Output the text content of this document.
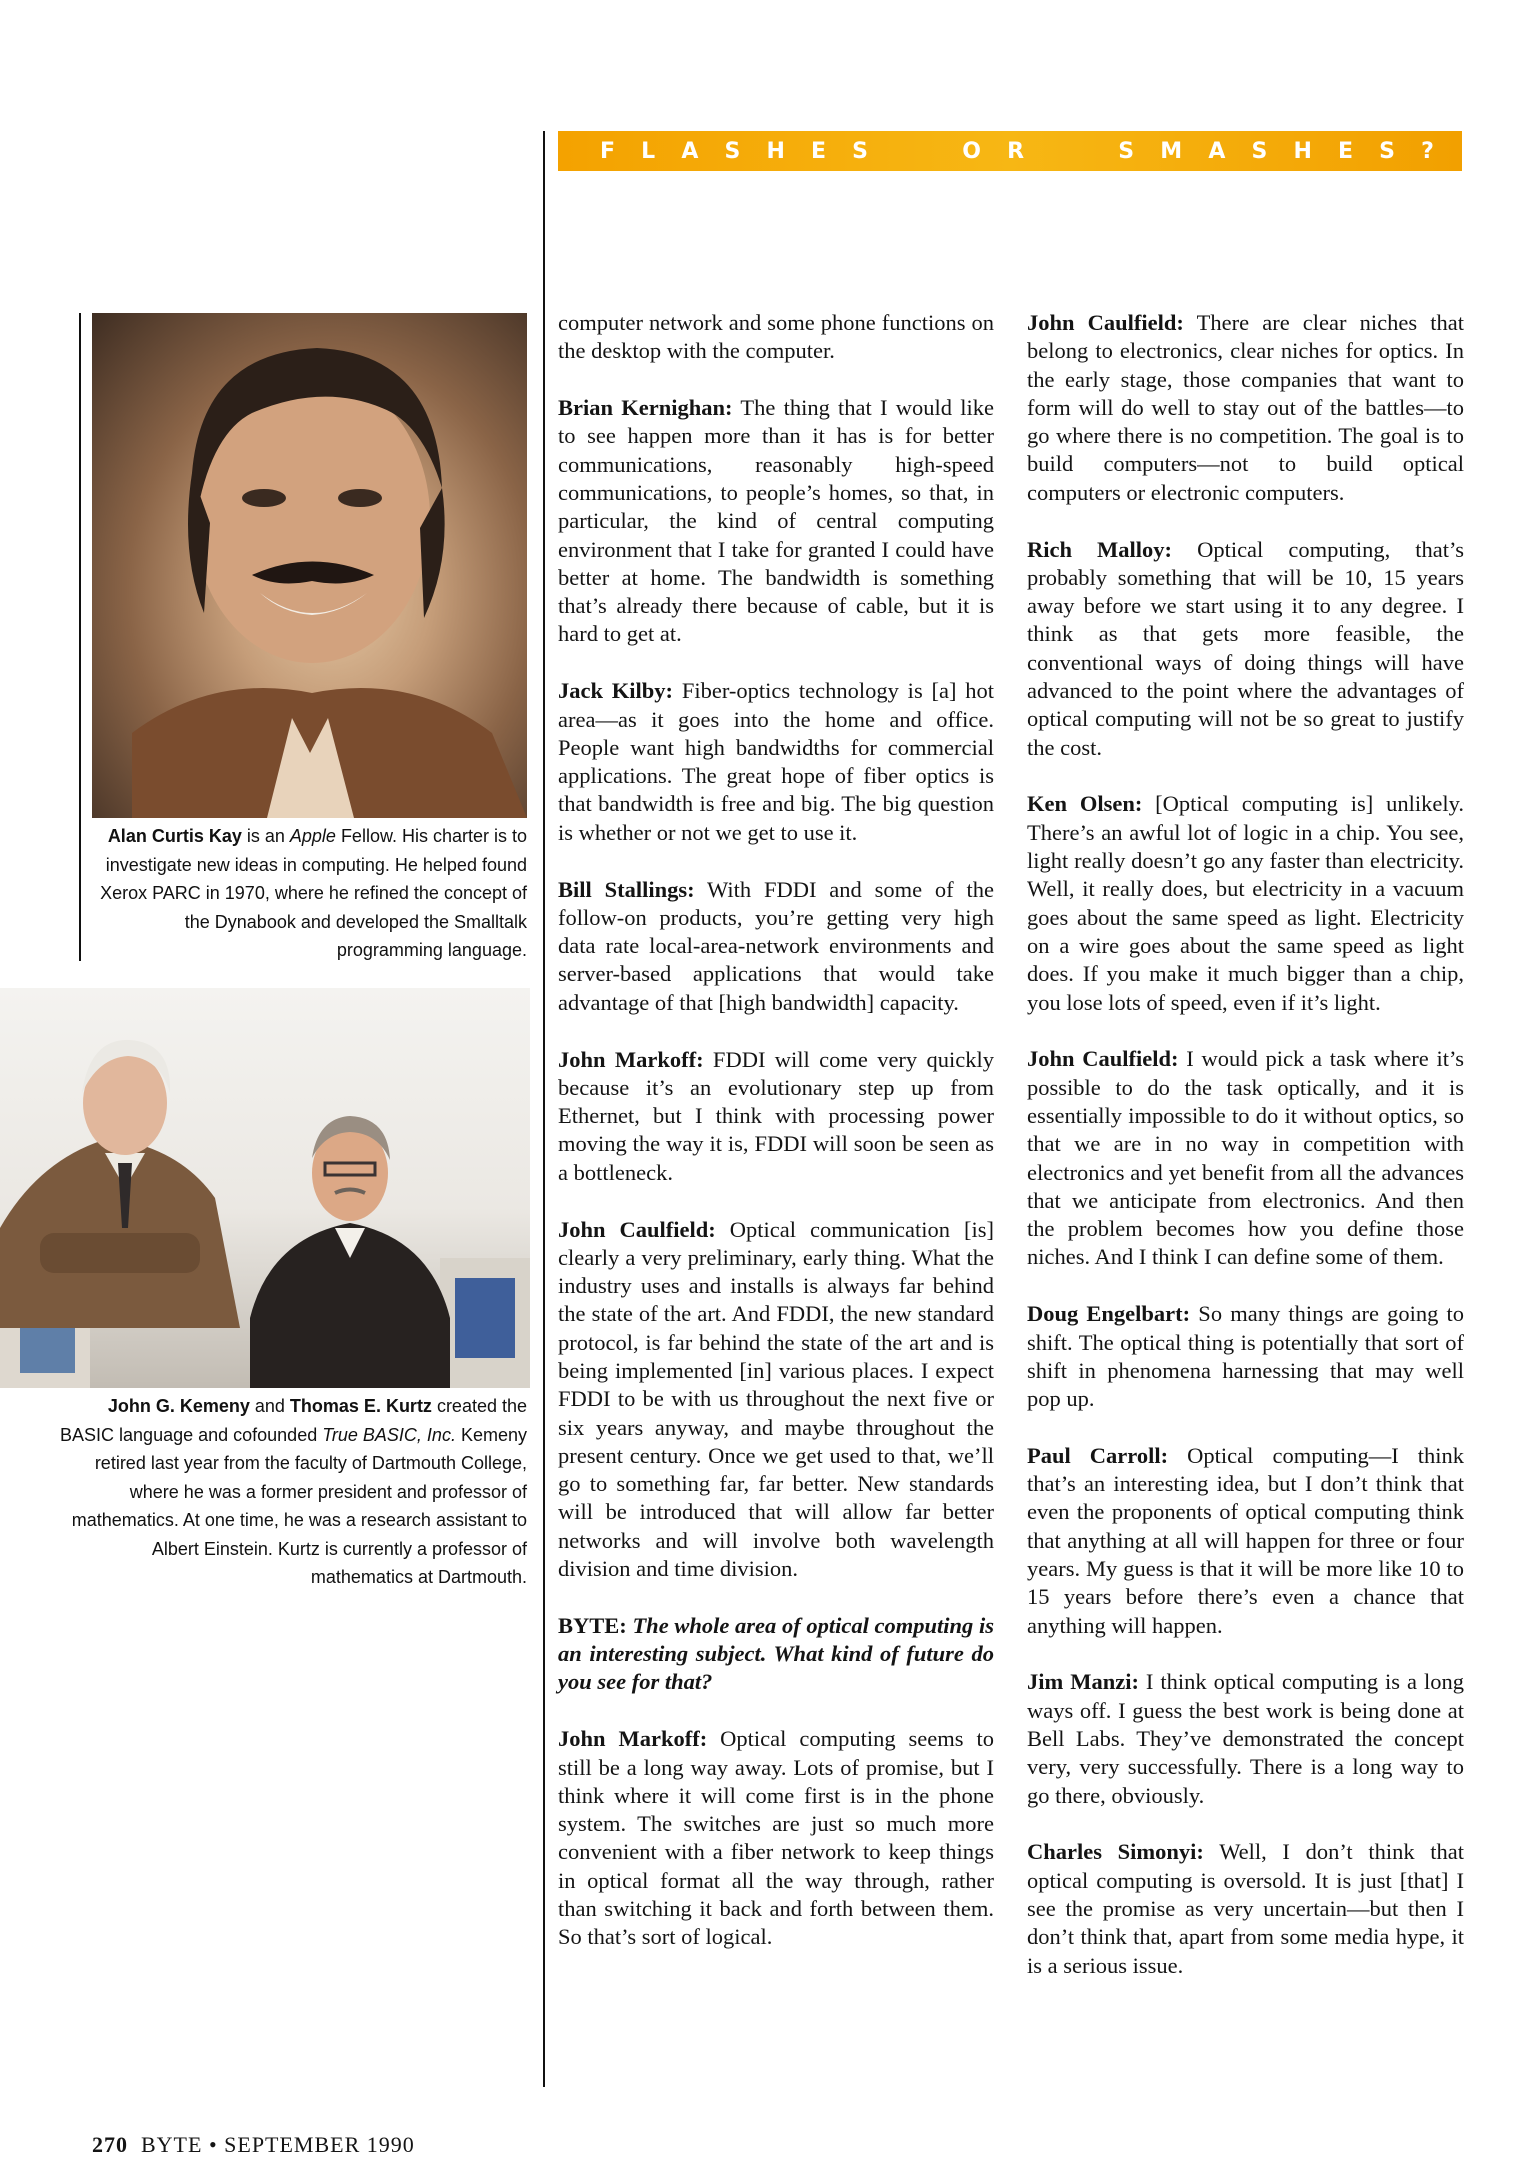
F L A S H E S	O R	S M A S H E S ?
Alan Curtis Kay is an Apple Fellow. His charter is to investigate new ideas in computing. He helped found Xerox PARC in 1970, where he refined the concept of the Dynabook and developed the Smalltalk programming language.
John G. Kemeny and Thomas E. Kurtz created the BASIC language and cofounded True BASIC, Inc. Kemeny retired last year from the faculty of Dartmouth College, where he was a former president and professor of mathematics. At one time, he was a research assistant to Albert Einstein. Kurtz is currently a professor of mathematics at Dartmouth.

computer network and some phone functions on the desktop with the computer.

Brian Kernighan: The thing that I would like to see happen more than it has is for better communications, reasonably high-speed communications, to people’s homes, so that, in particular, the kind of central computing environment that I take for granted I could have better at home. The bandwidth is something that’s already there because of cable, but it is hard to get at.

Jack Kilby: Fiber-optics technology is [a] hot area—as it goes into the home and office. People want high bandwidths for commercial applications. The great hope of fiber optics is that bandwidth is free and big. The big question is whether or not we get to use it.

Bill Stallings: With FDDI and some of the follow-on products, you’re getting very high data rate local-area-network environments and server-based applications that would take advantage of that [high bandwidth] capacity.

John Markoff: FDDI will come very quickly because it’s an evolutionary step up from Ethernet, but I think with processing power moving the way it is, FDDI will soon be seen as a bottleneck.

John Caulfield: Optical communication [is] clearly a very preliminary, early thing. What the industry uses and installs is always far behind the state of the art. And FDDI, the new standard protocol, is far behind the state of the art and is being implemented [in] various places. I expect FDDI to be with us throughout the next five or six years anyway, and maybe throughout the present century. Once we get used to that, we’ll go to something far, far better. New standards will be introduced that will allow far better networks and will involve both wavelength division and time division.

BYTE: The whole area of optical computing is an interesting subject. What kind of future do you see for that?

John Markoff: Optical computing seems to still be a long way away. Lots of promise, but I think where it will come first is in the phone system. The switches are just so much more convenient with a fiber network to keep things in optical format all the way through, rather than switching it back and forth between them. So that’s sort of logical.

John Caulfield: There are clear niches that belong to electronics, clear niches for optics. In the early stage, those companies that want to form will do well to stay out of the battles—to go where there is no competition. The goal is to build computers—not to build optical computers or electronic computers.

Rich Malloy: Optical computing, that’s probably something that will be 10, 15 years away before we start using it to any degree. I think as that gets more feasible, the conventional ways of doing things will have advanced to the point where the advantages of optical computing will not be so great to justify the cost.

Ken Olsen: [Optical computing is] unlikely. There’s an awful lot of logic in a chip. You see, light really doesn’t go any faster than electricity. Well, it really does, but electricity in a vacuum goes about the same speed as light. Electricity on a wire goes about the same speed as light does. If you make it much bigger than a chip, you lose lots of speed, even if it’s light.

John Caulfield: I would pick a task where it’s possible to do the task optically, and it is essentially impossible to do it without optics, so that we are in no way in competition with electronics and yet benefit from all the advances that we anticipate from electronics. And then the problem becomes how you define those niches. And I think I can define some of them.

Doug Engelbart: So many things are going to shift. The optical thing is potentially that sort of shift in phenomena harnessing that may well pop up.

Paul Carroll: Optical computing—I think that’s an interesting idea, but I don’t think that even the proponents of optical computing think that anything at all will happen for three or four years. My guess is that it will be more like 10 to 15 years before there’s even a chance that anything will happen.

Jim Manzi: I think optical computing is a long ways off. I guess the best work is being done at Bell Labs. They’ve demonstrated the concept very, very successfully. There is a long way to go there, obviously.

Charles Simonyi: Well, I don’t think that optical computing is oversold. It is just [that] I see the promise as very uncertain—but then I don’t think that, apart from some media hype, it is a serious issue.

270 BYTE • SEPTEMBER 1990
